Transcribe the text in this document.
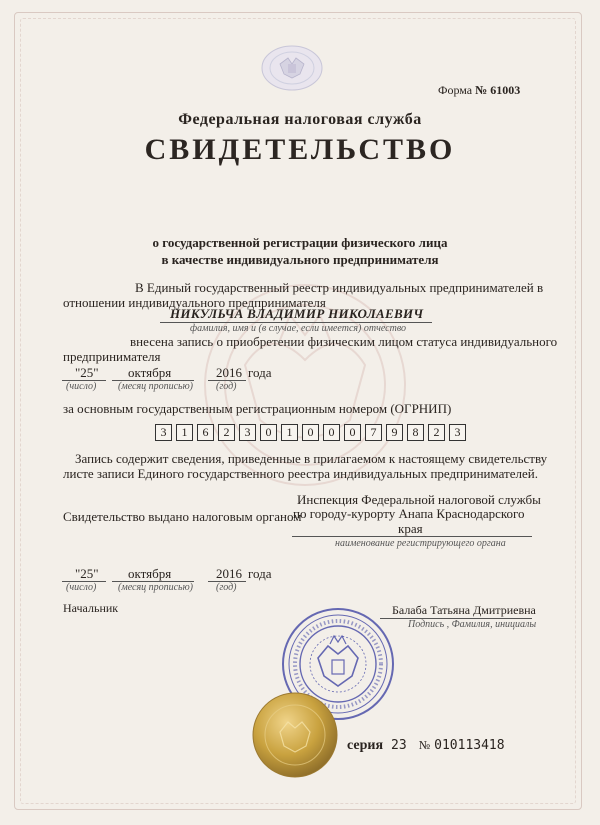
Форма № 61003
Федеральная налоговая служба
СВИДЕТЕЛЬСТВО
о государственной регистрации физического лица
в качестве индивидуального предпринимателя
В Единый государственный реестр индивидуальных предпринимателей в
отношении индивидуального предпринимателя
НИКУЛЬЧА ВЛАДИМИР НИКОЛАЕВИЧ
фамилия, имя и (в случае, если имеется) отчество
внесена запись о приобретении физическим лицом статуса индивидуального
предпринимателя
"25" октября	2016 года
(число) (месяц прописью) (год)
за основным государственным регистрационным номером (ОГРНИП)
3	1	6	2	3	0	1	0	0	0	7	9	8	2	3
Запись содержит сведения, приведенные в прилагаемом к настоящему свидетельству
листе записи Единого государственного реестра индивидуальных предпринимателей.
Свидетельство выдано налоговым органом
Инспекция Федеральной налоговой службы
по городу-курорту Анапа Краснодарского
края
наименование регистрирующего органа
"25" октября	2016 года
(число) (месяц прописью) (год)
Начальник	Балаба Татьяна Дмитриевна
Подпись , Фамилия, инициалы
серия 23 № 010113418
